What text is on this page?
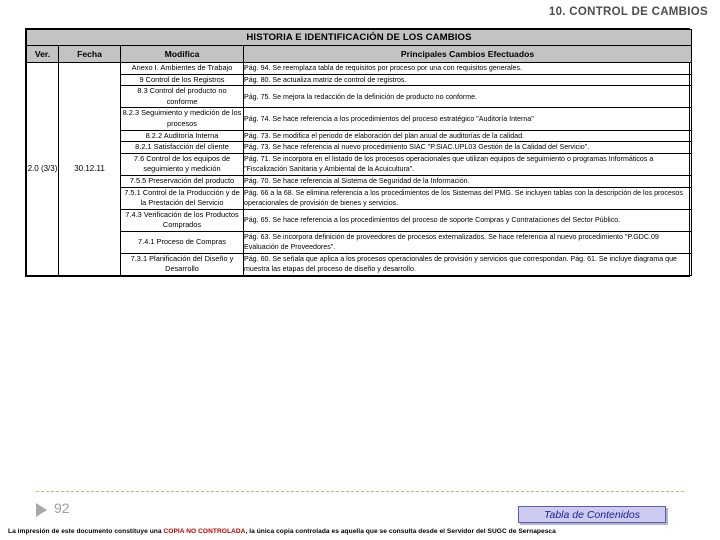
10. CONTROL DE CAMBIOS
HISTORIA E IDENTIFICACIÓN DE LOS CAMBIOS			
Ver.	Fecha	Modifica	Principales Cambios Efectuados
2.0 (3/3)	30.12.11	Anexo I. Ambientes de Trabajo	Pág. 94. Se reemplaza tabla de requisitos por proceso por una con requisitos generales.
		9 Control de los Registros	Pág. 80. Se actualiza matriz de control de registros.
		8.3 Control del producto no conforme	Pág. 75. Se mejora la redacción de la definición de producto no conforme.
		8.2.3 Seguimiento y medición de los procesos	Pág. 74. Se hace referencia a los procedimientos del proceso estratégico "Auditoría Interna"
		8.2.2 Auditoría Interna	Pág. 73. Se modifica el periodo de elaboración del plan anual de auditorías de la calidad.
		8.2.1 Satisfacción del cliente	Pág. 73. Se hace referencia al nuevo procedimiento SIAC "P.SIAC.UPL03 Gestión de la Calidad del Servicio".
		7.6 Control de los equipos de seguimiento y medición	Pág. 71. Se incorpora en el listado de los procesos operacionales que utilizan equipos de seguimiento o programas Informáticos a "Fiscalización Sanitaria y Ambiental de la Acuicultura".
		7.5.5 Preservación del producto	Pág. 70. Se hace referencia al Sistema de Seguridad de la Información.
		7.5.1 Control de la Producción y de la Prestación del Servicio	Pág. 66 a la 68. Se elimina referencia a los procedimientos de los Sistemas del PMG. Se incluyen tablas con la descripción de los procesos operacionales de provisión de bienes y servicios.
		7.4.3 Verificación de los Productos Comprados	Pág. 65. Se hace referencia a los procedimientos del proceso de soporte Compras y Contrataciones del Sector Público.
		7.4.1 Proceso de Compras	Pág. 63. Se incorpora definición de proveedores de procesos externalizados. Se hace referencia al nuevo procedimiento "P.GDC.09 Evaluación de Proveedores".
		7.3.1 Planificación del Diseño y Desarrollo	Pág. 60. Se señala que aplica a los procesos operacionales de provisión y servicios que correspondan. Pág. 61. Se incluye diagrama que muestra las etapas del proceso de diseño y desarrollo.
92	Tabla de Contenidos
La impresión de este documento constituye una COPIA NO CONTROLADA, la única copia controlada es aquella que se consulta desde el Servidor del SUGC de Sernapesca
